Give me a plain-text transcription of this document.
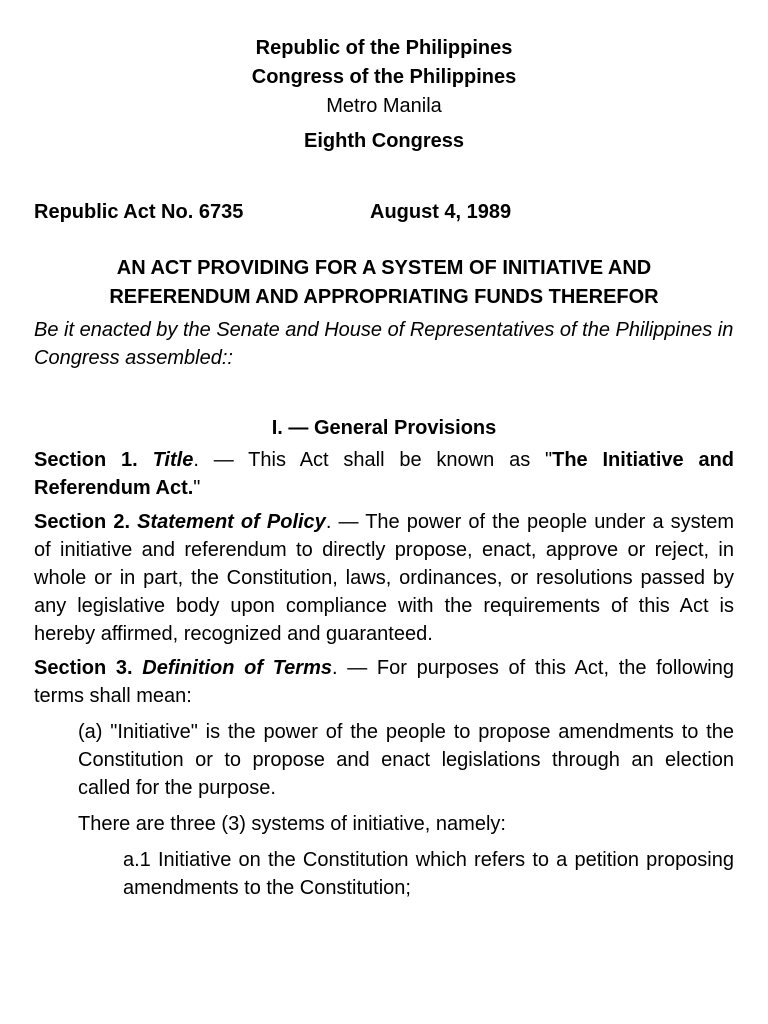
Republic of the Philippines
Congress of the Philippines
Metro Manila
Eighth Congress
Republic Act No. 6735	August 4, 1989
AN ACT PROVIDING FOR A SYSTEM OF INITIATIVE AND
REFERENDUM AND APPROPRIATING FUNDS THEREFOR
Be it enacted by the Senate and House of Representatives of the Philippines in Congress assembled::
I. — General Provisions
Section 1. Title. — This Act shall be known as "The Initiative and Referendum Act."
Section 2. Statement of Policy. — The power of the people under a system of initiative and referendum to directly propose, enact, approve or reject, in whole or in part, the Constitution, laws, ordinances, or resolutions passed by any legislative body upon compliance with the requirements of this Act is hereby affirmed, recognized and guaranteed.
Section 3. Definition of Terms. — For purposes of this Act, the following terms shall mean:
(a) "Initiative" is the power of the people to propose amendments to the Constitution or to propose and enact legislations through an election called for the purpose.
There are three (3) systems of initiative, namely:
a.1 Initiative on the Constitution which refers to a petition proposing amendments to the Constitution;
